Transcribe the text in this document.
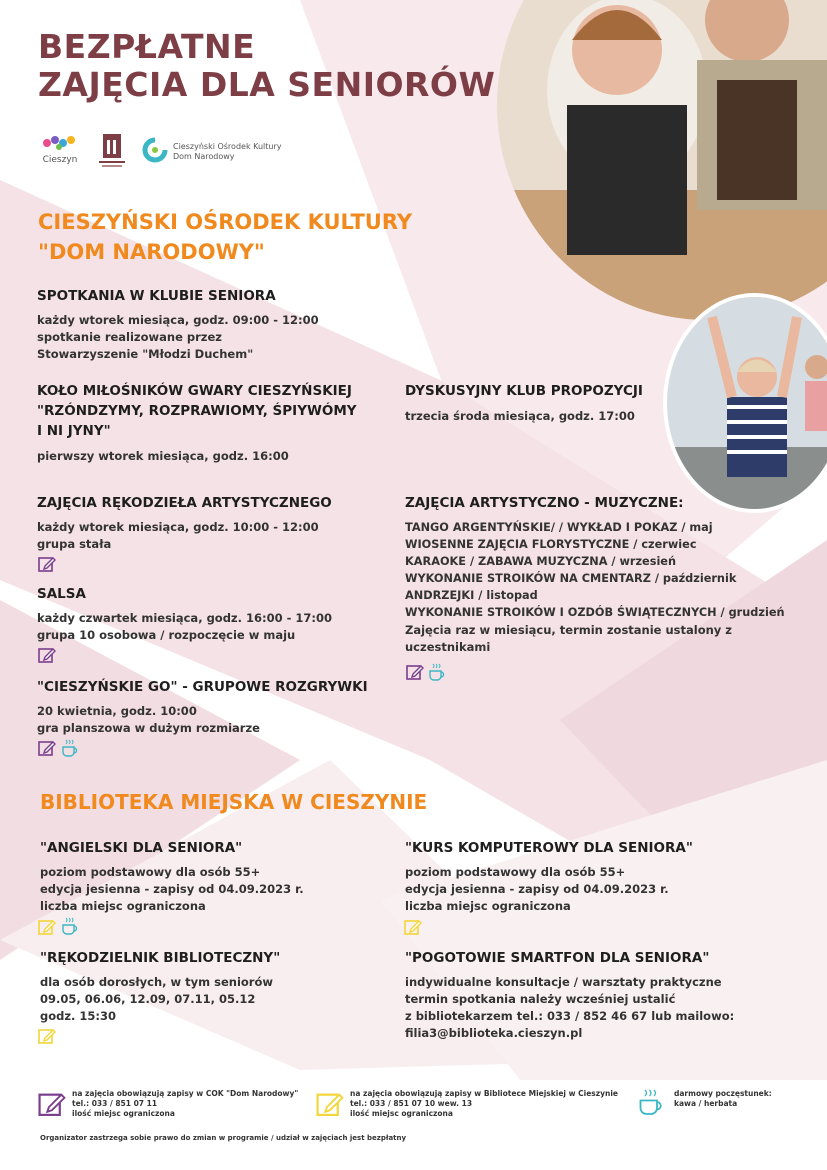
BEZPŁATNE
ZAJĘCIA DLA SENIORÓW
Cieszyn
Cieszyński Ośrodek Kultury
Dom Narodowy
CIESZYŃSKI OŚRODEK KULTURY
"DOM NARODOWY"
SPOTKANIA W KLUBIE SENIORA
każdy wtorek miesiąca, godz. 09:00 - 12:00
spotkanie realizowane przez
Stowarzyszenie "Młodzi Duchem"
KOŁO MIŁOŚNIKÓW GWARY CIESZYŃSKIEJ
"RZÓNDZYMY, ROZPRAWIOMY, ŚPIYWÓMY
I NI JYNY"
pierwszy wtorek miesiąca, godz. 16:00
DYSKUSYJNY KLUB PROPOZYCJI
trzecia środa miesiąca, godz. 17:00
ZAJĘCIA RĘKODZIEŁA ARTYSTYCZNEGO
każdy wtorek miesiąca, godz. 10:00 - 12:00
grupa stała
SALSA
każdy czwartek miesiąca, godz. 16:00 - 17:00
grupa 10 osobowa / rozpoczęcie w maju
"CIESZYŃSKIE GO" - GRUPOWE ROZGRYWKI
20 kwietnia, godz. 10:00
gra planszowa w dużym rozmiarze
ZAJĘCIA ARTYSTYCZNO - MUZYCZNE:
TANGO ARGENTYŃSKIE/ / WYKŁAD I POKAZ / maj
WIOSENNE ZAJĘCIA FLORYSTYCZNE / czerwiec
KARAOKE / ZABAWA MUZYCZNA / wrzesień
WYKONANIE STROIKÓW NA CMENTARZ / październik
ANDRZEJKI / listopad
WYKONANIE STROIKÓW I OZDÓB ŚWIĄTECZNYCH / grudzień
Zajęcia raz w miesiącu, termin zostanie ustalony z
uczestnikami
BIBLIOTEKA MIEJSKA W CIESZYNIE
"ANGIELSKI DLA SENIORA"
poziom podstawowy dla osób 55+
edycja jesienna - zapisy od 04.09.2023 r.
liczba miejsc ograniczona
"KURS KOMPUTEROWY DLA SENIORA"
poziom podstawowy dla osób 55+
edycja jesienna - zapisy od 04.09.2023 r.
liczba miejsc ograniczona
"RĘKODZIELNIK BIBLIOTECZNY"
dla osób dorosłych, w tym seniorów
09.05, 06.06, 12.09, 07.11, 05.12
godz. 15:30
"POGOTOWIE SMARTFON DLA SENIORA"
indywidualne konsultacje / warsztaty praktyczne
termin spotkania należy wcześniej ustalić
z bibliotekarzem tel.: 033 / 852 46 67 lub mailowo:
filia3@biblioteka.cieszyn.pl
na zajęcia obowiązują zapisy w COK "Dom Narodowy"
tel.: 033 / 851 07 11
ilość miejsc ograniczona
na zajęcia obowiązują zapisy w Bibliotece Miejskiej w Cieszynie
tel.: 033 / 851 07 10 wew. 13
ilość miejsc ograniczona
darmowy poczęstunek:
kawa / herbata
Organizator zastrzega sobie prawo do zmian w programie / udział w zajęciach jest bezpłatny
